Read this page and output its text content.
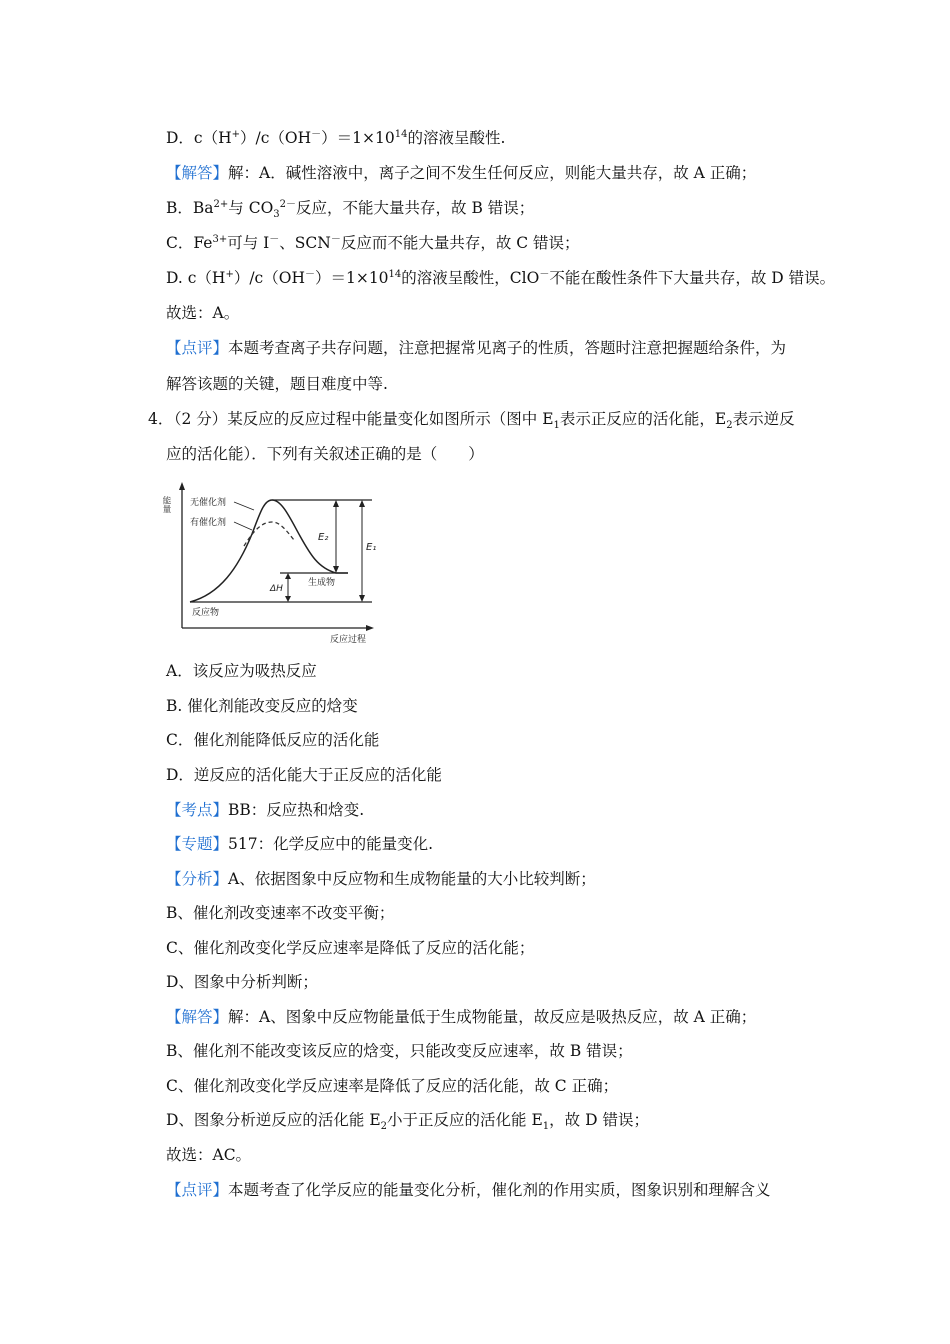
D．$c(H^+)/c(OH^-)=1\times 10^{14}$的溶液呈酸性.
【解答】解：A．碱性溶液中，离子之间不发生任何反应，则能大量共存，故 A 正确；
B．$Ba^{2+}$与 $CO_3^{2-}$反应，不能大量共存，故 B 错误；
C．$Fe^{3+}$可与 I－、SCN－反应而不能大量共存，故 C 错误；
D. $c(H^+)/c(OH^-)=1\times 10^{14}$的溶液呈酸性，ClO－不能在酸性条件下大量共存，故 D 错误。
故选：A。
【点评】本题考查离子共存问题，注意把握常见离子的性质，答题时注意把握题给条件，为
解答该题的关键，题目难度中等.
4．
（2 分）某反应的反应过程中能量变化如图所示（图中 $E_1$表示正反应的活化能，$E_2$表示逆反
应的活化能）．下列有关叙述正确的是（　　）
能量 无催化剂
有催化剂
E₂
E₁
ΔH
生成物
反应物
反应过程
A．该反应为吸热反应
B. 催化剂能改变反应的焓变
C．催化剂能降低反应的活化能
D．逆反应的活化能大于正反应的活化能
【考点】BB：反应热和焓变.
【专题】517：化学反应中的能量变化.
【分析】A、依据图象中反应物和生成物能量的大小比较判断；
B、催化剂改变速率不改变平衡；
C、催化剂改变化学反应速率是降低了反应的活化能；
D、图象中分析判断；
【解答】解：A、图象中反应物能量低于生成物能量，故反应是吸热反应，故 A 正确；
B、催化剂不能改变该反应的焓变，只能改变反应速率，故 B 错误；
C、催化剂改变化学反应速率是降低了反应的活化能，故 C 正确；
D、图象分析逆反应的活化能 $E_2$小于正反应的活化能 $E_1$，故 D 错误；
故选：AC。
【点评】本题考查了化学反应的能量变化分析，催化剂的作用实质，图象识别和理解含义
